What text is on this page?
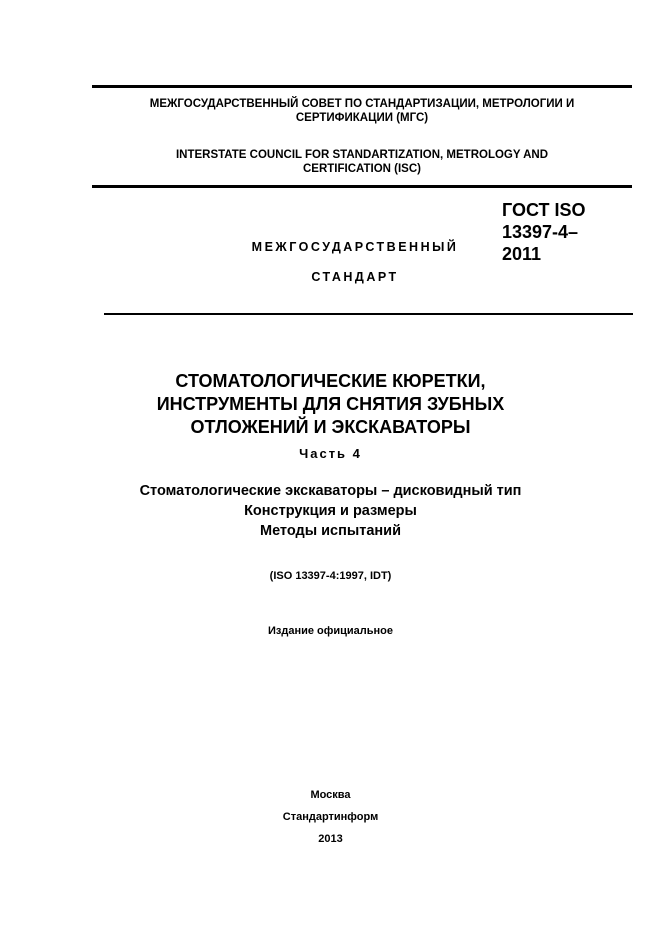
МЕЖГОСУДАРСТВЕННЫЙ СОВЕТ ПО СТАНДАРТИЗАЦИИ, МЕТРОЛОГИИ И
СЕРТИФИКАЦИИ (МГС)
INTERSTATE COUNCIL FOR STANDARTIZATION, METROLOGY AND
CERTIFICATION (ISC)
МЕЖГОСУДАРСТВЕННЫЙ
СТАНДАРТ
ГОСТ ISO
13397-4–
2011
СТОМАТОЛОГИЧЕСКИЕ КЮРЕТКИ,
ИНСТРУМЕНТЫ ДЛЯ СНЯТИЯ ЗУБНЫХ
ОТЛОЖЕНИЙ И ЭКСКАВАТОРЫ
Часть 4
Стоматологические экскаваторы – дисковидный тип
Конструкция и размеры
Методы испытаний
(ISO 13397-4:1997, IDT)
Издание официальное
Москва
Стандартинформ
2013
